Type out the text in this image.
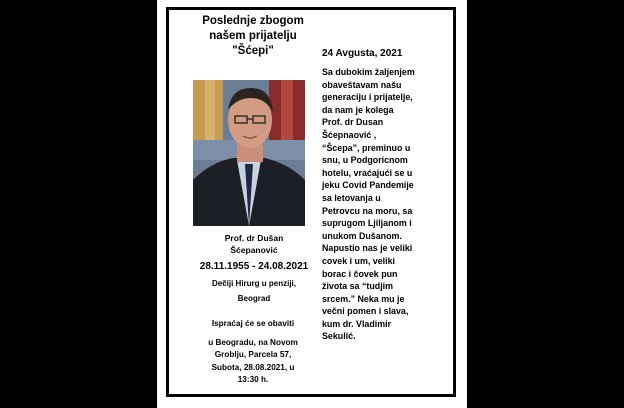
Poslednje zbogom
našem prijatelju
"Šćepi"
Prof. dr Dušan
Šćepanović
28.11.1955 - 24.08.2021
Dečiji Hirurg u penziji,
Beograd
Ispraćaj će se obaviti
u Beogradu, na Novom
Groblju, Parcela 57,
Subota, 28.08.2021, u
13:30 h.
24 Avgusta, 2021
Sa dubokim žaljenjem
obaveštavam našu
generaciju i prijatelje,
da nam je kolega
Prof. dr Dusan
Šćepnaović ,
“Šcepa”, preminuo u
snu, u Podgoricnom
hotelu, vraćajući se u
jeku Covid Pandemije
sa letovanja u
Petrovcu na moru, sa
suprugom Ljiljanom i
unukom Dušanom.
Napustio nas je veliki
covek i um, veliki
borac i čovek pun
života sa “tudjim
srcem.” Neka mu je
večni pomen i slava,
kum dr. Vladimir
Sekulić.
